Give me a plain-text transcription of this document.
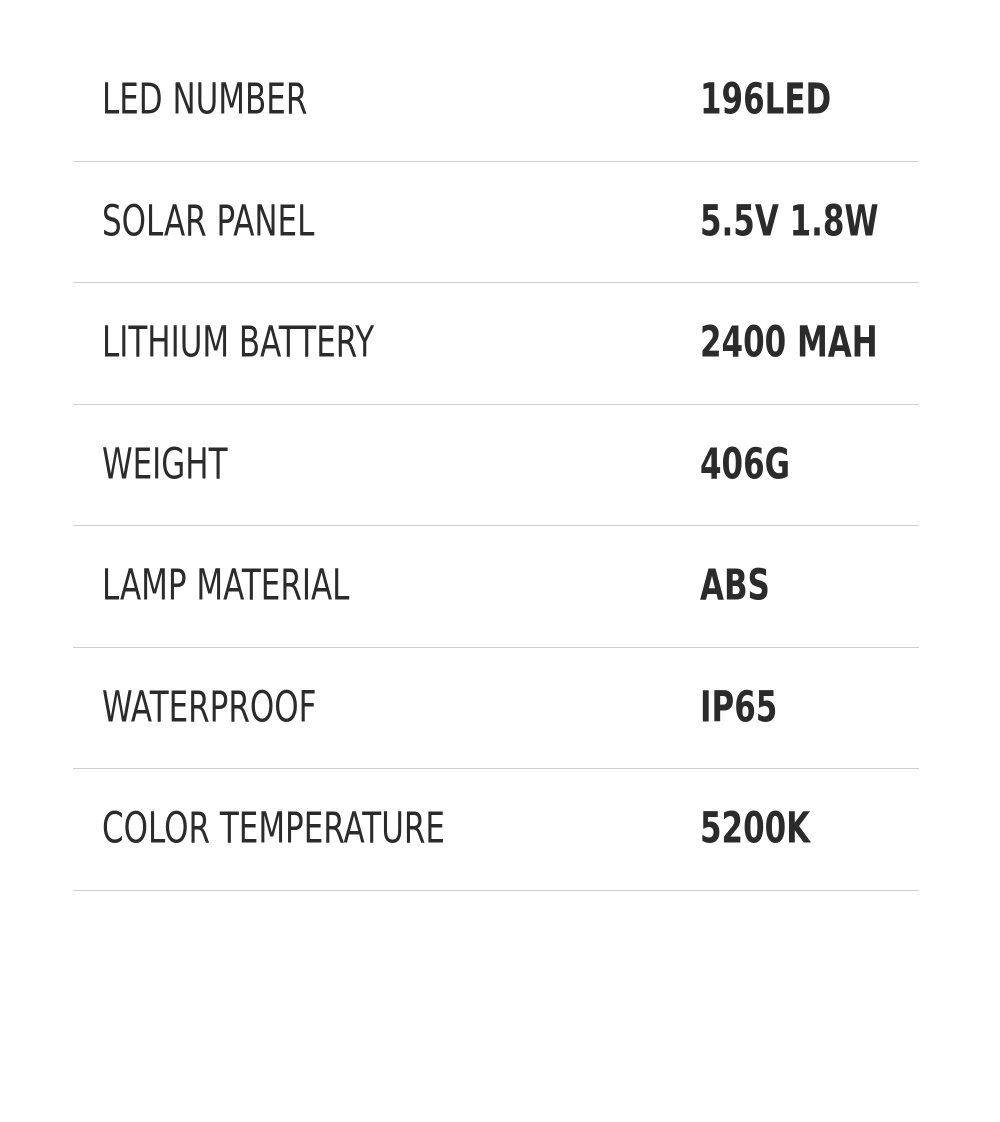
LED NUMBER	196LED
SOLAR PANEL	5.5V 1.8W
LITHIUM BATTERY	2400 MAH
WEIGHT	406G
LAMP MATERIAL	ABS
WATERPROOF	IP65
COLOR TEMPERATURE	5200K
